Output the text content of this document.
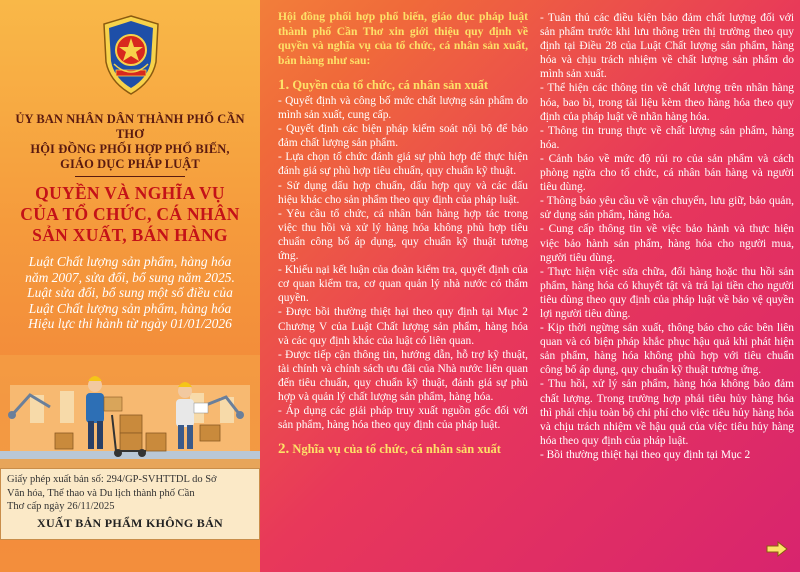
ỦY BAN NHÂN DÂN THÀNH PHỐ CẦN THƠ
HỘI ĐỒNG PHỐI HỢP PHỔ BIẾN,
GIÁO DỤC PHÁP LUẬT
QUYỀN VÀ NGHĨA VỤ
CỦA TỔ CHỨC, CÁ NHÂN
SẢN XUẤT, BÁN HÀNG
Luật Chất lượng sản phẩm, hàng hóa
năm 2007, sửa đổi, bổ sung năm 2025.
Luật sửa đổi, bổ sung một số điều của
Luật Chất lượng sản phẩm, hàng hóa
Hiệu lực thi hành từ ngày 01/01/2026
Giấy phép xuất bản số: 294/GP-SVHTTDL do Sở
Văn hóa, Thể thao và Du lịch thành phố Cần
Thơ cấp ngày 26/11/2025
XUẤT BẢN PHẨM KHÔNG BÁN
Hội đồng phối hợp phổ biến, giáo dục pháp luật thành phố Cần Thơ xin giới thiệu quy định về quyền và nghĩa vụ của tổ chức, cá nhân sản xuất, bán hàng như sau:
1. Quyền của tổ chức, cá nhân sản xuất
- Quyết định và công bố mức chất lượng sản phẩm do mình sản xuất, cung cấp.
- Quyết định các biện pháp kiểm soát nội bộ để bảo đảm chất lượng sản phẩm.
- Lựa chọn tổ chức đánh giá sự phù hợp để thực hiện đánh giá sự phù hợp tiêu chuẩn, quy chuẩn kỹ thuật.
- Sử dụng dấu hợp chuẩn, dấu hợp quy và các dấu hiệu khác cho sản phẩm theo quy định của pháp luật.
- Yêu cầu tổ chức, cá nhân bán hàng hợp tác trong việc thu hồi và xử lý hàng hóa không phù hợp tiêu chuẩn công bố áp dụng, quy chuẩn kỹ thuật tương ứng.
- Khiếu nại kết luận của đoàn kiểm tra, quyết định của cơ quan kiểm tra, cơ quan quản lý nhà nước có thẩm quyền.
- Được bồi thường thiệt hại theo quy định tại Mục 2 Chương V của Luật Chất lượng sản phẩm, hàng hóa và các quy định khác của luật có liên quan.
- Được tiếp cận thông tin, hướng dẫn, hỗ trợ kỹ thuật, tài chính và chính sách ưu đãi của Nhà nước liên quan đến tiêu chuẩn, quy chuẩn kỹ thuật, đánh giá sự phù hợp và quản lý chất lượng sản phẩm, hàng hóa.
- Áp dụng các giải pháp truy xuất nguồn gốc đối với sản phẩm, hàng hóa theo quy định của pháp luật.
2. Nghĩa vụ của tổ chức, cá nhân sản xuất
- Tuân thủ các điều kiện bảo đảm chất lượng đối với sản phẩm trước khi lưu thông trên thị trường theo quy định tại Điều 28 của Luật Chất lượng sản phẩm, hàng hóa và chịu trách nhiệm về chất lượng sản phẩm do mình sản xuất.
- Thể hiện các thông tin về chất lượng trên nhãn hàng hóa, bao bì, trong tài liệu kèm theo hàng hóa theo quy định của pháp luật về nhãn hàng hóa.
- Thông tin trung thực về chất lượng sản phẩm, hàng hóa.
- Cảnh báo về mức độ rủi ro của sản phẩm và cách phòng ngừa cho tổ chức, cá nhân bán hàng và người tiêu dùng.
- Thông báo yêu cầu về vận chuyển, lưu giữ, bảo quản, sử dụng sản phẩm, hàng hóa.
- Cung cấp thông tin về việc bảo hành và thực hiện việc bảo hành sản phẩm, hàng hóa cho người mua, người tiêu dùng.
- Thực hiện việc sửa chữa, đổi hàng hoặc thu hồi sản phẩm, hàng hóa có khuyết tật và trả lại tiền cho người tiêu dùng theo quy định của pháp luật về bảo vệ quyền lợi người tiêu dùng.
- Kịp thời ngừng sản xuất, thông báo cho các bên liên quan và có biện pháp khắc phục hậu quả khi phát hiện sản phẩm, hàng hóa không phù hợp với tiêu chuẩn công bố áp dụng, quy chuẩn kỹ thuật tương ứng.
- Thu hồi, xử lý sản phẩm, hàng hóa không bảo đảm chất lượng. Trong trường hợp phải tiêu hủy hàng hóa thì phải chịu toàn bộ chi phí cho việc tiêu hủy hàng hóa và chịu trách nhiệm về hậu quả của việc tiêu hủy hàng hóa theo quy định của pháp luật.
- Bồi thường thiệt hại theo quy định tại Mục 2
